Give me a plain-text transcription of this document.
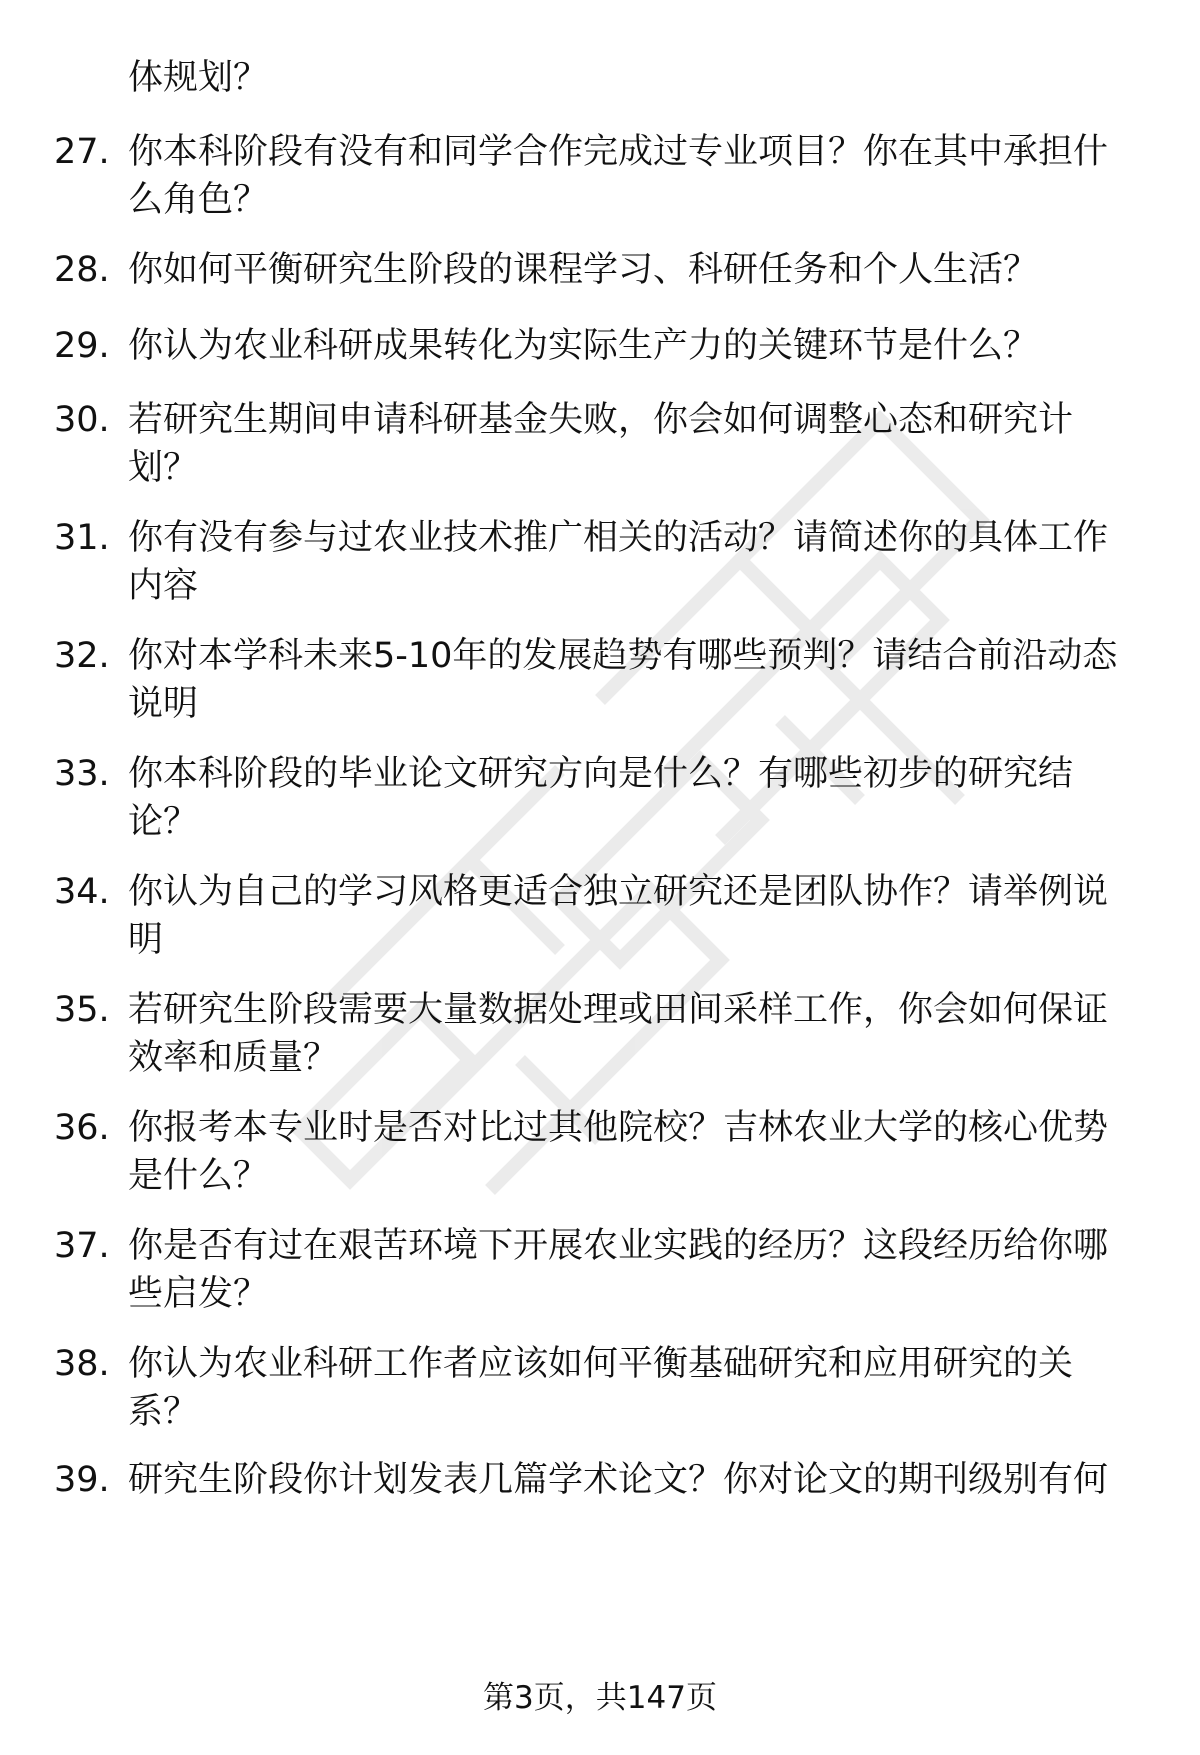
体规划？
27. 你本科阶段有没有和同学合作完成过专业项目？你在其中承担什
么角色？
28. 你如何平衡研究生阶段的课程学习、科研任务和个人生活？
29. 你认为农业科研成果转化为实际生产力的关键环节是什么？
30. 若研究生期间申请科研基金失败，你会如何调整心态和研究计
划？
31. 你有没有参与过农业技术推广相关的活动？请简述你的具体工作
内容
32. 你对本学科未来5-10年的发展趋势有哪些预判？请结合前沿动态
说明
33. 你本科阶段的毕业论文研究方向是什么？有哪些初步的研究结
论？
34. 你认为自己的学习风格更适合独立研究还是团队协作？请举例说
明
35. 若研究生阶段需要大量数据处理或田间采样工作，你会如何保证
效率和质量？
36. 你报考本专业时是否对比过其他院校？吉林农业大学的核心优势
是什么？
37. 你是否有过在艰苦环境下开展农业实践的经历？这段经历给你哪
些启发？
38. 你认为农业科研工作者应该如何平衡基础研究和应用研究的关
系？
39. 研究生阶段你计划发表几篇学术论文？你对论文的期刊级别有何
第3页，共147页
